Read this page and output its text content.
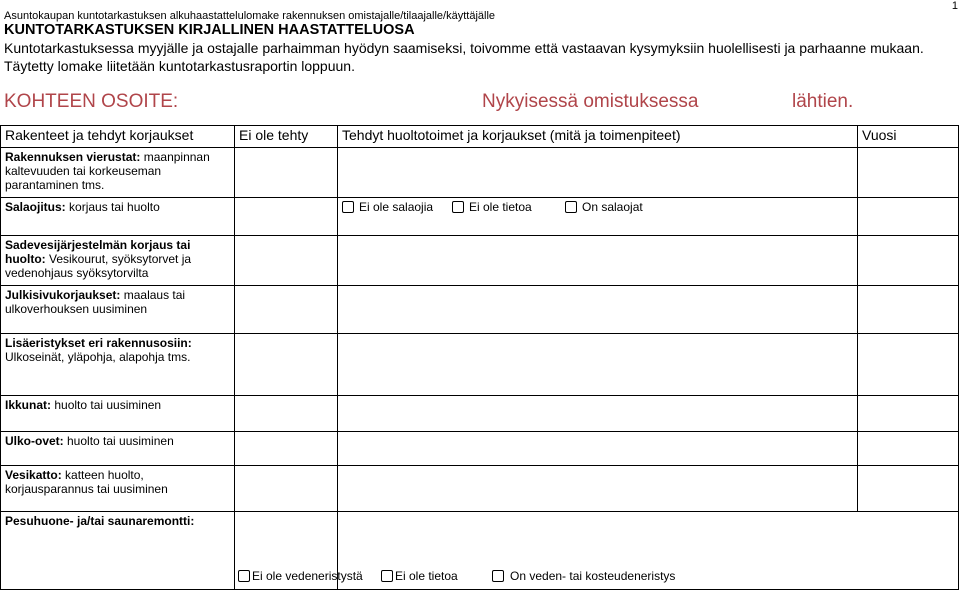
1
Asuntokaupan kuntotarkastuksen alkuhaastattelulomake rakennuksen omistajalle/tilaajalle/käyttäjälle
KUNTOTARKASTUKSEN KIRJALLINEN HAASTATTELUOSA
Kuntotarkastuksessa myyjälle ja ostajalle parhaimman hyödyn saamiseksi, toivomme että vastaavan kysymyksiin huolellisesti ja parhaanne mukaan. Täytetty lomake liitetään kuntotarkastusraportin loppuun.
KOHTEEN OSOITE:	Nykyisessä omistuksessa	lähtien.
Rakenteet ja tehdyt korjaukset	Ei ole tehty	Tehdyt huoltotoimet ja korjaukset (mitä ja toimenpiteet)	Vuosi
Rakennuksen vierustat: maanpinnan kaltevuuden tai korkeuseman parantaminen tms.			
Salaojitus: korjaus tai huolto		Ei ole salaojia Ei ole tietoa On salaojat	

Sadevesijärjestelmän korjaus tai huolto: Vesikourut, syöksytorvet ja vedenohjaus syöksytorvilta			
Julkisivukorjaukset: maalaus tai ulkoverhouksen uusiminen			
Lisäeristykset eri rakennusosiin: Ulkoseinät, yläpohja, alapohja tms.			
Ikkunat: huolto tai uusiminen			
Ulko-ovet: huolto tai uusiminen			
Vesikatto: katteen huolto, korjausparannus tai uusiminen			
Pesuhuone- ja/tai saunaremontti:		Ei ole vedeneristystä Ei ole tietoa On veden- tai kosteudeneristys	
